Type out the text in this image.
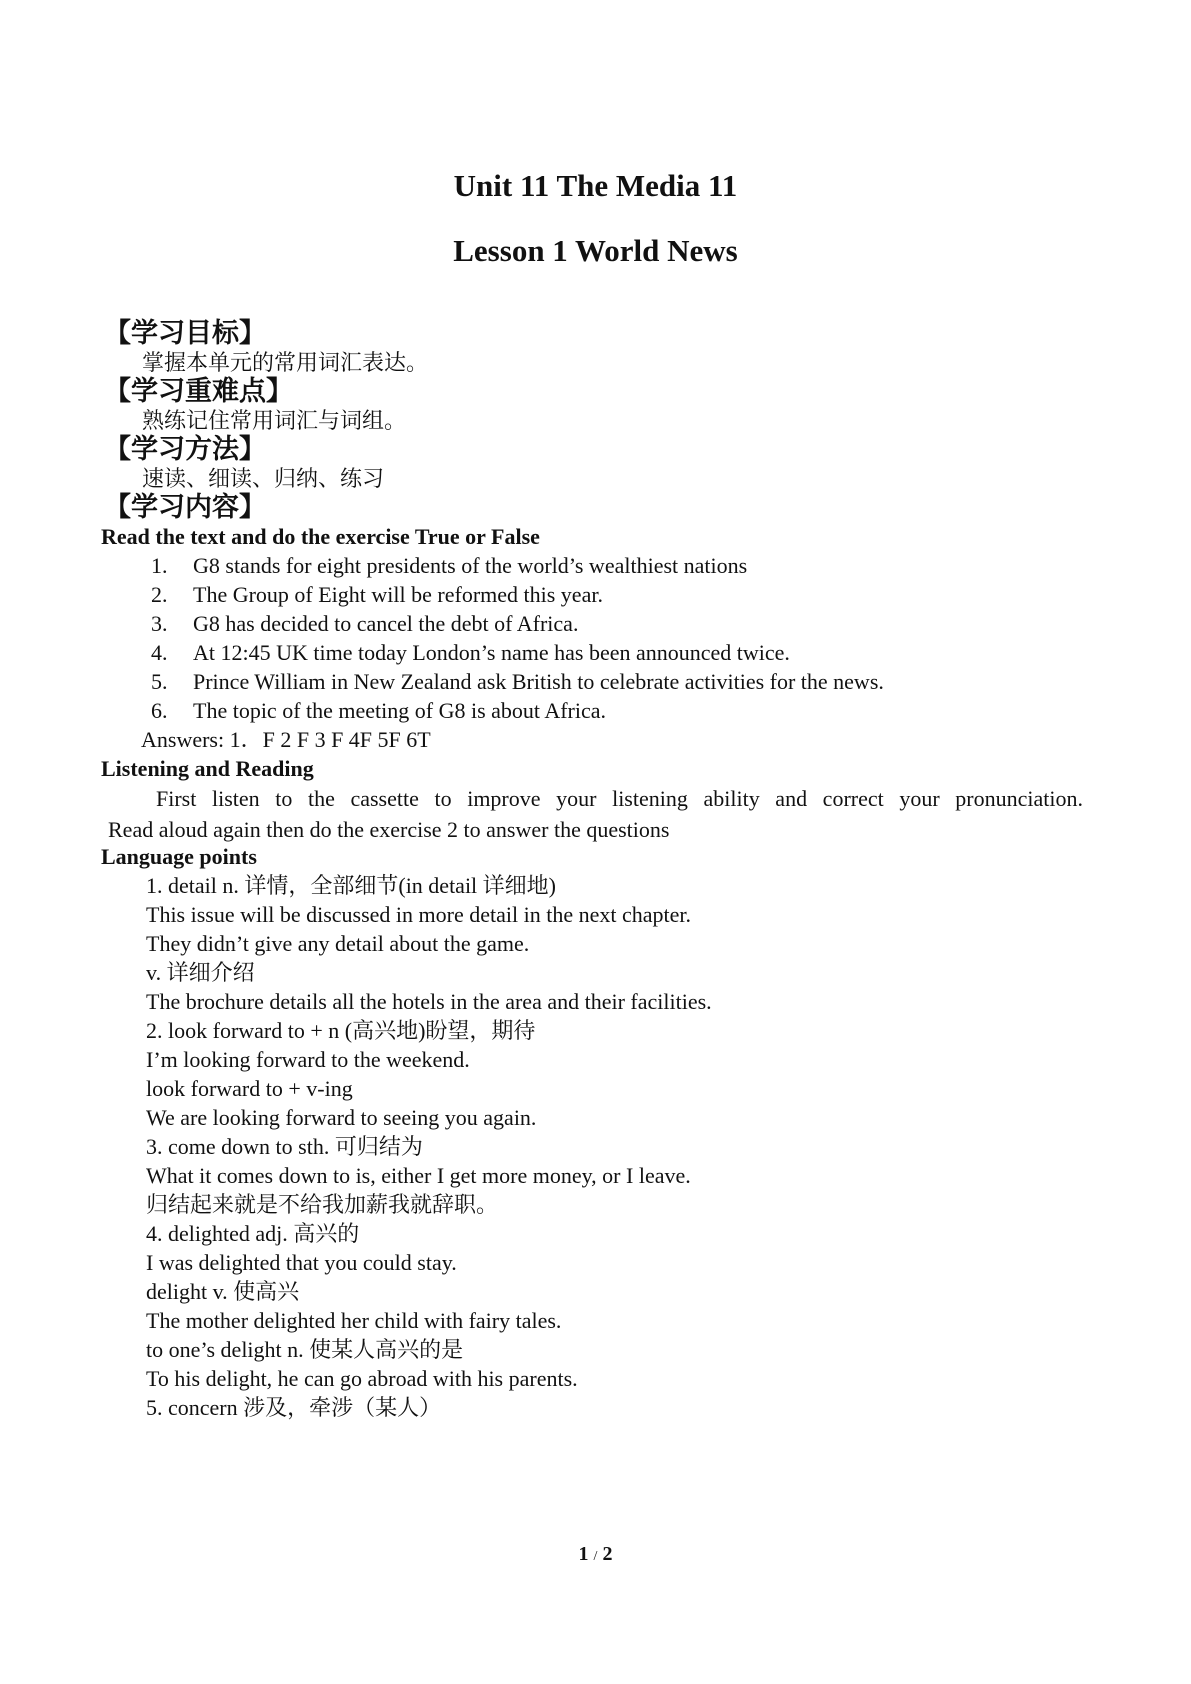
Unit 11 The Media 11
Lesson 1 World News
【学习目标】
掌握本单元的常用词汇表达。
【学习重难点】
熟练记住常用词汇与词组。
【学习方法】
速读、细读、归纳、练习
【学习内容】
Read the text and do the exercise True or False
1. G8 stands for eight presidents of the world’s wealthiest nations
2. The Group of Eight will be reformed this year.
3. G8 has decided to cancel the debt of Africa.
4. At 12:45 UK time today London’s name has been announced twice.
5. Prince William in New Zealand ask British to celebrate activities for the news.
6. The topic of the meeting of G8 is about Africa.
Answers: 1．F 2 F 3 F 4F 5F 6T
Listening and Reading

First listen to the cassette to improve your listening ability and correct your pronunciation.

Read aloud again then do the exercise 2 to answer the questions

Language points
1. detail n. 详情，全部细节(in detail 详细地)
This issue will be discussed in more detail in the next chapter.
They didn’t give any detail about the game.
v. 详细介绍
The brochure details all the hotels in the area and their facilities.
2. look forward to + n (高兴地)盼望，期待
I’m looking forward to the weekend.
look forward to + v-ing
We are looking forward to seeing you again.
3. come down to sth. 可归结为
What it comes down to is, either I get more money, or I leave.
归结起来就是不给我加薪我就辞职。
4. delighted adj. 高兴的
I was delighted that you could stay.
delight v. 使高兴
The mother delighted her child with fairy tales.
to one’s delight n. 使某人高兴的是
To his delight, he can go abroad with his parents.
5. concern 涉及，牵涉（某人）
1 / 2
